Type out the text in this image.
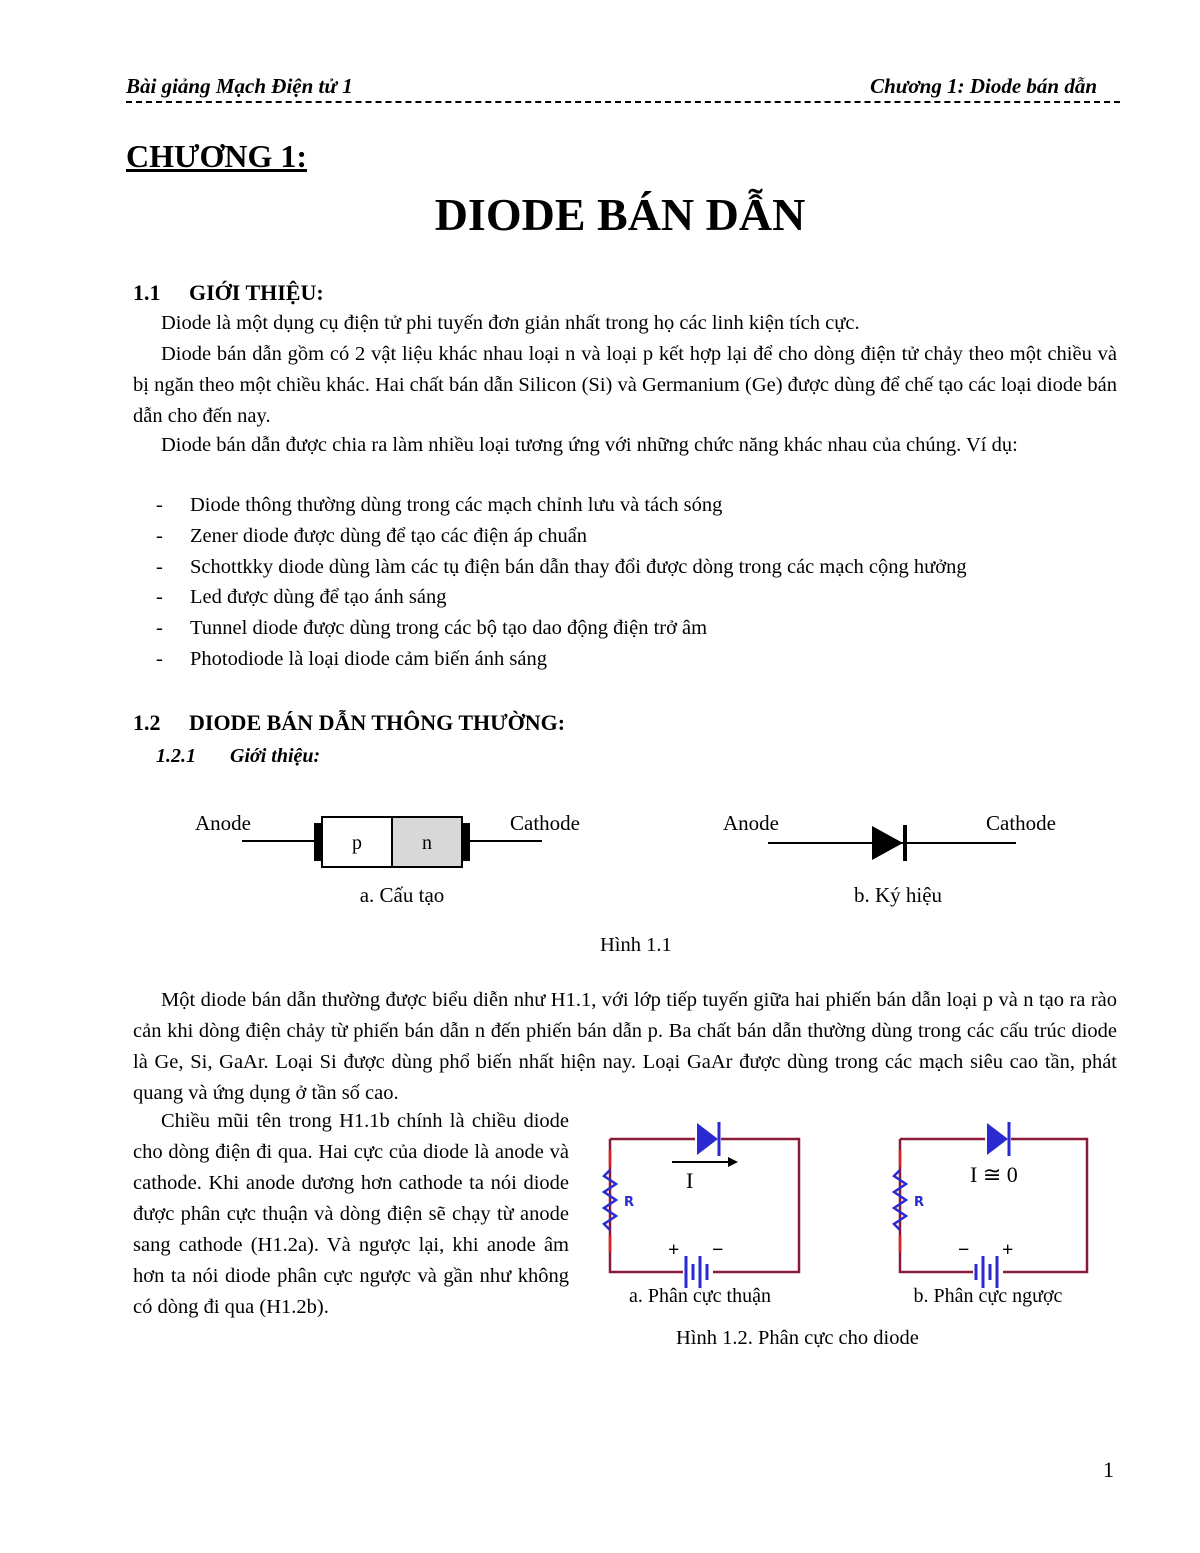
Bài giảng Mạch Điện tử 1	Chương 1: Diode bán dẫn
CHƯƠNG 1:
DIODE BÁN DẪN
1.1 GIỚI THIỆU:

Diode là một dụng cụ điện tử phi tuyến đơn giản nhất trong họ các linh kiện tích cực.

Diode bán dẫn gồm có 2 vật liệu khác nhau loại n và loại p kết hợp lại để cho dòng điện tử chảy theo một chiều và bị ngăn theo một chiều khác. Hai chất bán dẫn Silicon (Si) và Germanium (Ge) được dùng để chế tạo các loại diode bán dẫn cho đến nay.

Diode bán dẫn được chia ra làm nhiều loại tương ứng với những chức năng khác nhau của chúng. Ví dụ:

- Diode thông thường dùng trong các mạch chỉnh lưu và tách sóng
- Zener diode được dùng để tạo các điện áp chuẩn
- Schottkky diode dùng làm các tụ điện bán dẫn thay đổi được dòng trong các mạch cộng hưởng
- Led được dùng để tạo ánh sáng
- Tunnel diode được dùng trong các bộ tạo dao động điện trở âm
- Photodiode là loại diode cảm biến ánh sáng
1.2 DIODE BÁN DẪN THÔNG THƯỜNG:
1.2.1 Giới thiệu:
p	n
Anode	Cathode
a. Cấu tạo
Anode	Cathode
b. Ký hiệu
Hình 1.1

Một diode bán dẫn thường được biểu diễn như H1.1, với lớp tiếp tuyến giữa hai phiến bán dẫn loại p và n tạo ra rào cản khi dòng điện chảy từ phiến bán dẫn n đến phiến bán dẫn p. Ba chất bán dẫn thường dùng trong các cấu trúc diode là Ge, Si, GaAr. Loại Si được dùng phổ biến nhất hiện nay. Loại GaAr được dùng trong các mạch siêu cao tần, phát quang và ứng dụng ở tần số cao.

Chiều mũi tên trong H1.1b chính là chiều diode cho dòng điện đi qua. Hai cực của diode là anode và cathode. Khi anode dương hơn cathode ta nói diode được phân cực thuận và dòng điện sẽ chạy từ anode sang cathode (H1.2a). Và ngược lại, khi anode âm hơn ta nói diode phân cực ngược và gần như không có dòng đi qua (H1.2b).

R
I
+ −
a. Phân cực thuận
R
I ≅ 0
− +
b. Phân cực ngược
Hình 1.2. Phân cực cho diode
1
